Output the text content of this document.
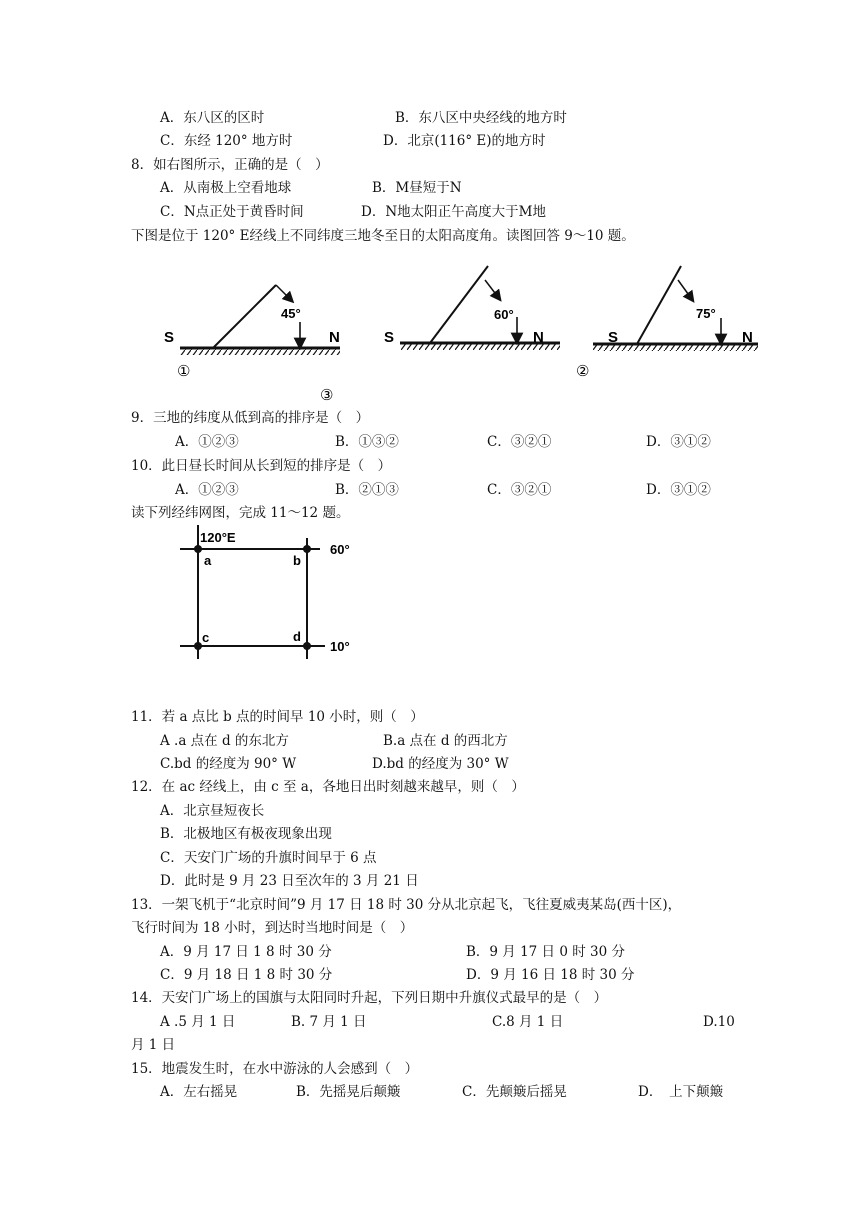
A．东八区的区时	B．东八区中央经线的地方时
C．东经 120° 地方时	D．北京(116° E)的地方时
8．如右图所示，正确的是（　）
A．从南极上空看地球	B．M昼短于N
C．N点正处于黄昏时间	D．N地太阳正午高度大于M地
下图是位于 120° E经线上不同纬度三地冬至日的太阳高度角。读图回答 9～10 题。
9．三地的纬度从低到高的排序是（　）
A．①②③	B．①③②	C．③②①	D．③①②
10．此日昼长时间从长到短的排序是（　）
A．①②③	B．②①③	C．③②①	D．③①②
读下列经纬网图，完成 11～12 题。
11．若 a 点比 b 点的时间早 10 小时，则（　）
A .a 点在 d 的东北方	B.a 点在 d 的西北方
C.bd 的经度为 90° W	D.bd 的经度为 30° W
12．在 ac 经线上，由 c 至 a，各地日出时刻越来越早，则（　）
A．北京昼短夜长
B．北极地区有极夜现象出现
C．天安门广场的升旗时间早于 6 点
D．此时是 9 月 23 日至次年的 3 月 21 日
13．一架飞机于“北京时间”9 月 17 日 18 时 30 分从北京起飞，飞往夏威夷某岛(西十区)，
飞行时间为 18 小时，到达时当地时间是（　）
A．9 月 17 日 1 8 时 30 分	B．9 月 17 日 0 时 30 分
C．9 月 18 日 1 8 时 30 分	D．9 月 16 日 18 时 30 分
14．天安门广场上的国旗与太阳同时升起，下列日期中升旗仪式最早的是（　）
A .5 月 1 日	B. 7 月 1 日	C.8 月 1 日	D.10
月 1 日
15．地震发生时，在水中游泳的人会感到（　）
A．左右摇晃	B．先摇晃后颠簸	C．先颠簸后摇晃	D．　上下颠簸
S	N
45°
①
S	N
60°
③
S	N
75°
②
120°E
60°
10°
a	b
c	d
